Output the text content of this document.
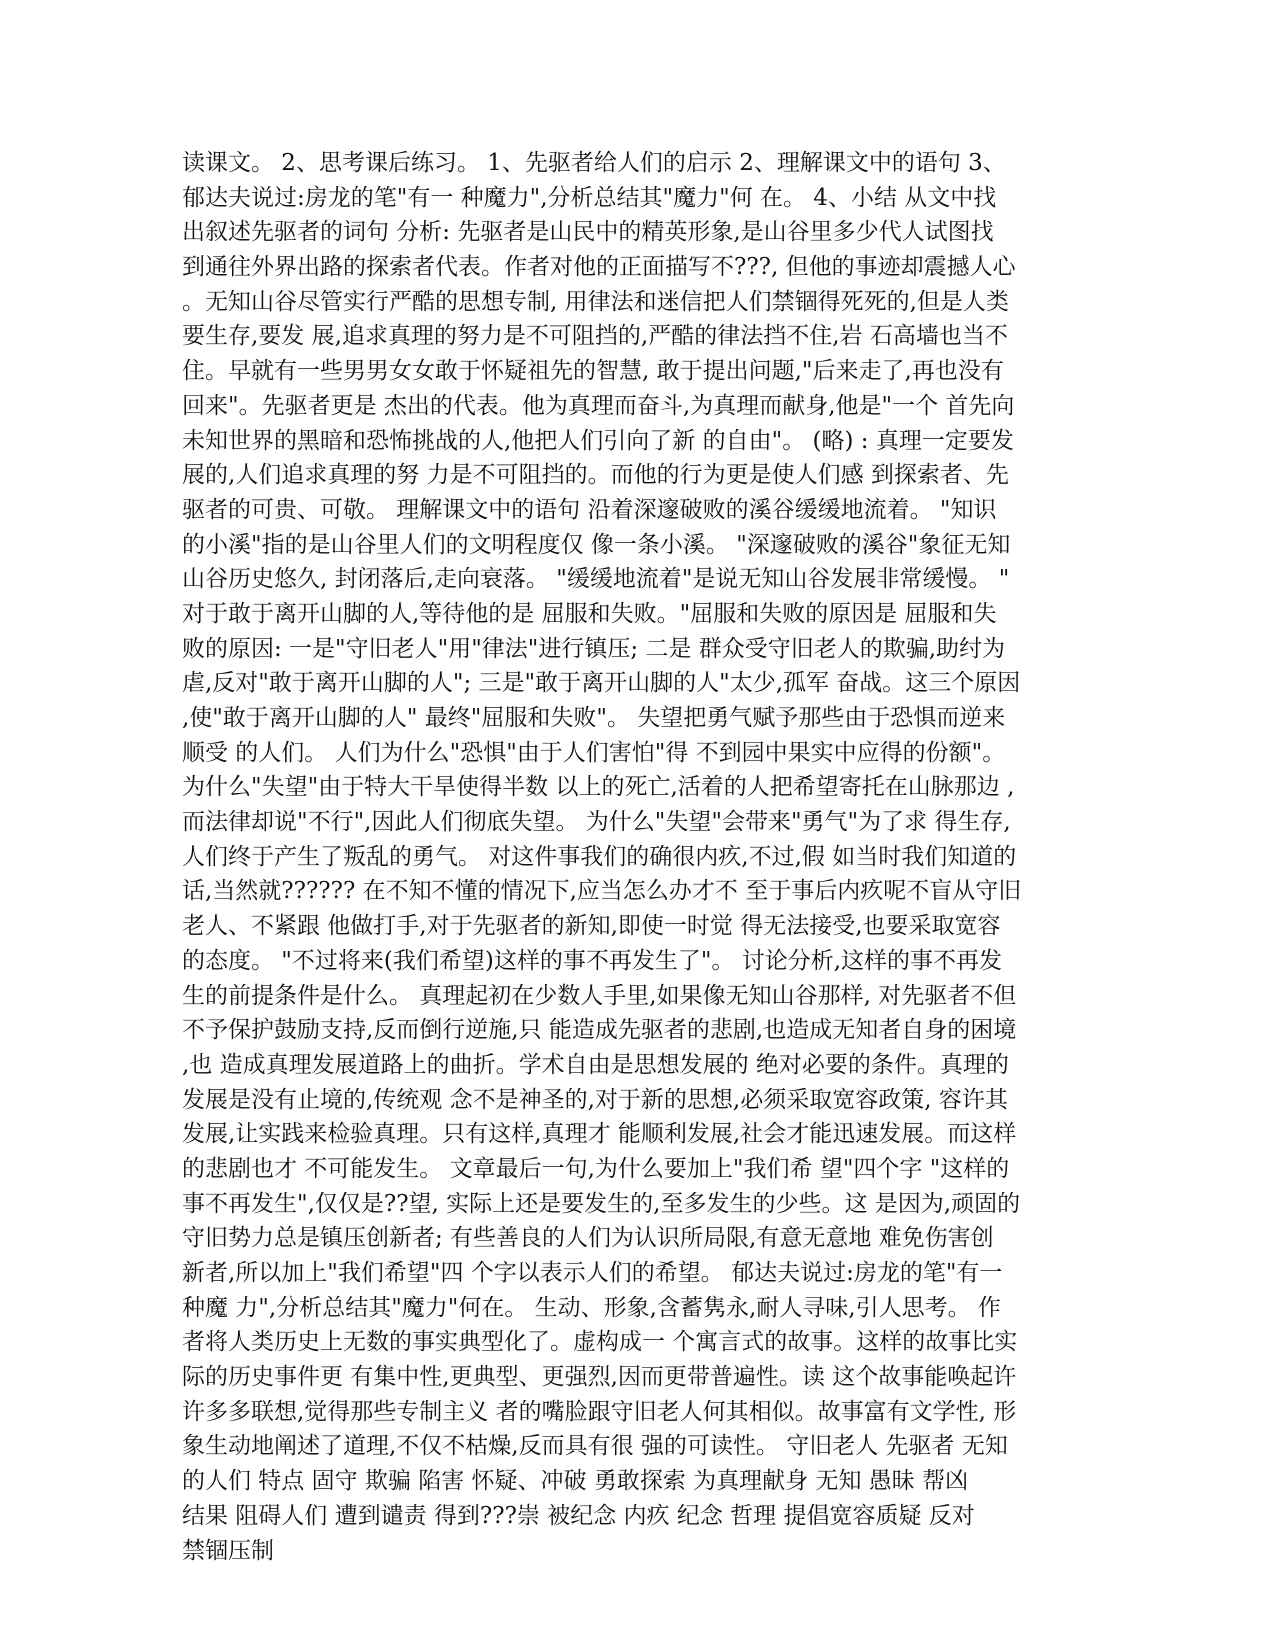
读课文。 2、思考课后练习。 1、先驱者给人们的启示 2、理解课文中的语句 3、
郁达夫说过:房龙的笔"有一 种魔力",分析总结其"魔力"何 在。 4、小结 从文中找
出叙述先驱者的词句 分析: 先驱者是山民中的精英形象,是山谷里多少代人试图找
到通往外界出路的探索者代表。作者对他的正面描写不???, 但他的事迹却震撼人心
。无知山谷尽管实行严酷的思想专制, 用律法和迷信把人们禁锢得死死的,但是人类
要生存,要发 展,追求真理的努力是不可阻挡的,严酷的律法挡不住,岩 石高墙也当不
住。早就有一些男男女女敢于怀疑祖先的智慧, 敢于提出问题,"后来走了,再也没有
回来"。先驱者更是 杰出的代表。他为真理而奋斗,为真理而献身,他是"一个 首先向
未知世界的黑暗和恐怖挑战的人,他把人们引向了新 的自由"。 (略) : 真理一定要发
展的,人们追求真理的努 力是不可阻挡的。而他的行为更是使人们感 到探索者、先
驱者的可贵、可敬。 理解课文中的语句 沿着深邃破败的溪谷缓缓地流着。 "知识
的小溪"指的是山谷里人们的文明程度仅 像一条小溪。 "深邃破败的溪谷"象征无知
山谷历史悠久, 封闭落后,走向衰落。 "缓缓地流着"是说无知山谷发展非常缓慢。 "
对于敢于离开山脚的人,等待他的是 屈服和失败。"屈服和失败的原因是 屈服和失
败的原因: 一是"守旧老人"用"律法"进行镇压; 二是 群众受守旧老人的欺骗,助纣为
虐,反对"敢于离开山脚的人"; 三是"敢于离开山脚的人"太少,孤军 奋战。这三个原因
,使"敢于离开山脚的人" 最终"屈服和失败"。 失望把勇气赋予那些由于恐惧而逆来
顺受 的人们。 人们为什么"恐惧"由于人们害怕"得 不到园中果实中应得的份额"。
为什么"失望"由于特大干旱使得半数 以上的死亡,活着的人把希望寄托在山脉那边 ,
而法律却说"不行",因此人们彻底失望。 为什么"失望"会带来"勇气"为了求 得生存,
人们终于产生了叛乱的勇气。 对这件事我们的确很内疚,不过,假 如当时我们知道的
话,当然就?????? 在不知不懂的情况下,应当怎么办才不 至于事后内疚呢不盲从守旧
老人、不紧跟 他做打手,对于先驱者的新知,即使一时觉 得无法接受,也要采取宽容
的态度。 "不过将来(我们希望)这样的事不再发生了"。 讨论分析,这样的事不再发
生的前提条件是什么。 真理起初在少数人手里,如果像无知山谷那样, 对先驱者不但
不予保护鼓励支持,反而倒行逆施,只 能造成先驱者的悲剧,也造成无知者自身的困境
,也 造成真理发展道路上的曲折。学术自由是思想发展的 绝对必要的条件。真理的
发展是没有止境的,传统观 念不是神圣的,对于新的思想,必须采取宽容政策, 容许其
发展,让实践来检验真理。只有这样,真理才 能顺利发展,社会才能迅速发展。而这样
的悲剧也才 不可能发生。 文章最后一句,为什么要加上"我们希 望"四个字 "这样的
事不再发生",仅仅是??望, 实际上还是要发生的,至多发生的少些。这 是因为,顽固的
守旧势力总是镇压创新者; 有些善良的人们为认识所局限,有意无意地 难免伤害创
新者,所以加上"我们希望"四 个字以表示人们的希望。 郁达夫说过:房龙的笔"有一
种魔 力",分析总结其"魔力"何在。 生动、形象,含蓄隽永,耐人寻味,引人思考。 作
者将人类历史上无数的事实典型化了。虚构成一 个寓言式的故事。这样的故事比实
际的历史事件更 有集中性,更典型、更强烈,因而更带普遍性。读 这个故事能唤起许
许多多联想,觉得那些专制主义 者的嘴脸跟守旧老人何其相似。故事富有文学性, 形
象生动地阐述了道理,不仅不枯燥,反而具有很 强的可读性。 守旧老人 先驱者 无知
的人们 特点 固守 欺骗 陷害 怀疑、冲破 勇敢探索 为真理献身 无知 愚昧 帮凶
结果 阻碍人们 遭到谴责 得到???崇 被纪念 内疚 纪念 哲理 提倡宽容质疑 反对
禁锢压制
